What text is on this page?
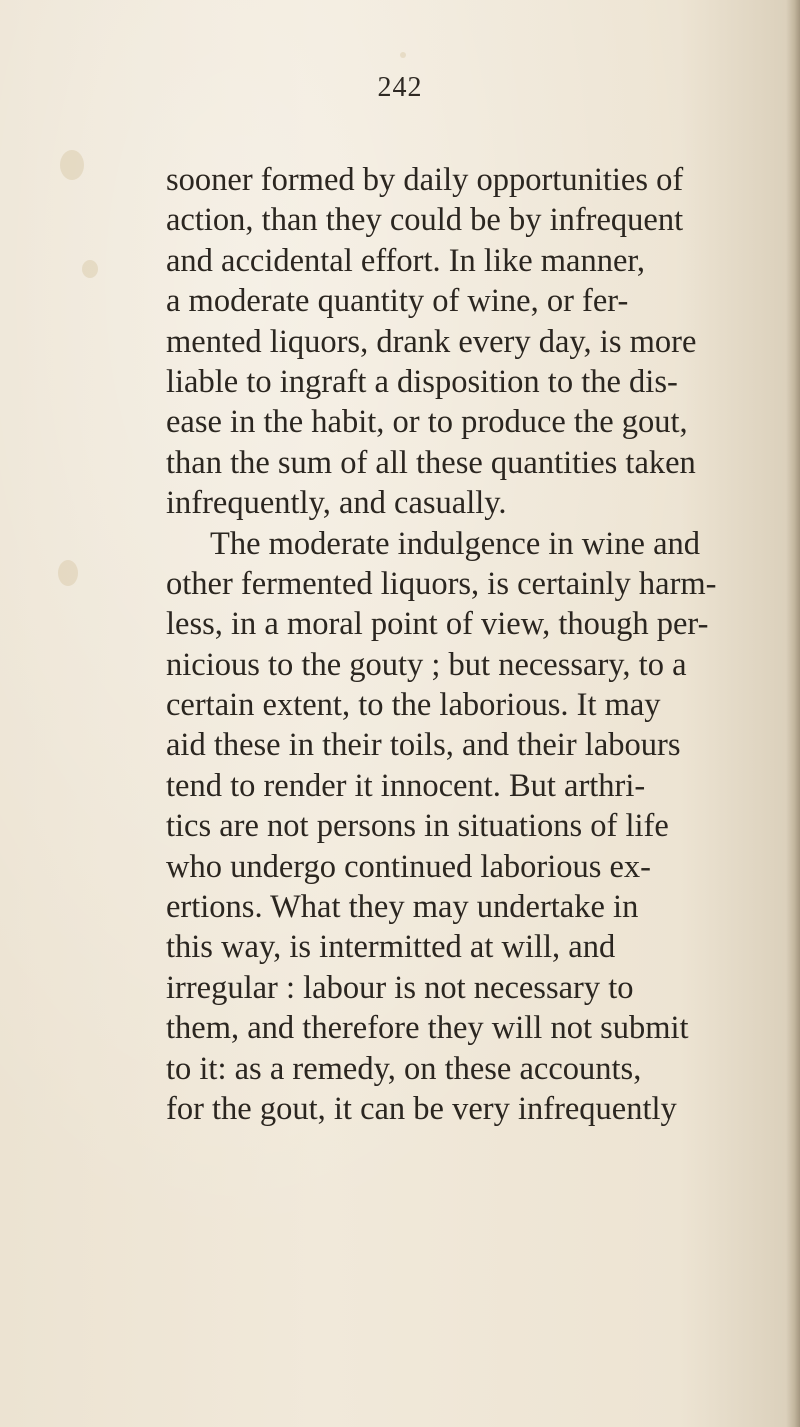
242
sooner formed by daily opportunities of
action, than they could be by infrequent
and accidental effort. In like manner,
a moderate quantity of wine, or fer-
mented liquors, drank every day, is more
liable to ingraft a disposition to the dis-
ease in the habit, or to produce the gout,
than the sum of all these quantities taken
infrequently, and casually.
The moderate indulgence in wine and
other fermented liquors, is certainly harm-
less, in a moral point of view, though per-
nicious to the gouty ; but necessary, to a
certain extent, to the laborious. It may
aid these in their toils, and their labours
tend to render it innocent. But arthri-
tics are not persons in situations of life
who undergo continued laborious ex-
ertions. What they may undertake in
this way, is intermitted at will, and
irregular : labour is not necessary to
them, and therefore they will not submit
to it: as a remedy, on these accounts,
for the gout, it can be very infrequently
